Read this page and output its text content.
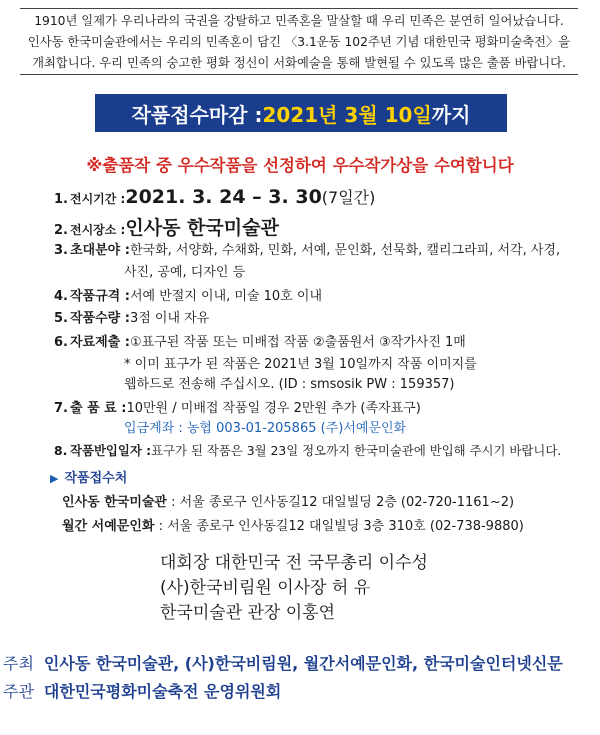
1910년 일제가 우리나라의 국권을 강탈하고 민족혼을 말살할 때 우리 민족은 분연히 일어났습니다.
인사동 한국미술관에서는 우리의 민족혼이 담긴 〈3.1운동 102주년 기념 대한민국 평화미술축전〉을
개최합니다. 우리 민족의 숭고한 평화 정신이 서화예술을 통해 발현될 수 있도록 많은 출품 바랍니다.
작품접수마감 : 2021년 3월 10일 까지
※출품작 중 우수작품을 선정하여 우수작가상을 수여합니다
1. 전시기간 : 2021. 3. 24 – 3. 30 (7일간)
2. 전시장소 : 인사동 한국미술관
3. 초대분야 : 한국화, 서양화, 수채화, 민화, 서예, 문인화, 선묵화, 캘리그라피, 서각, 사경,
사진, 공예, 디자인 등
4. 작품규격 : 서예 반절지 이내, 미술 10호 이내
5. 작품수량 : 3점 이내 자유
6. 자료제출 : ①표구된 작품 또는 미배접 작품 ②출품원서 ③작가사진 1매
* 이미 표구가 된 작품은 2021년 3월 10일까지 작품 이미지를
웹하드로 전송해 주십시오. (ID : smsosik PW : 159357)
7. 출 품 료 : 10만원 / 미배접 작품일 경우 2만원 추가 (족자표구)
입금계좌 : 농협 003-01-205865 (주)서예문인화
8. 작품반입일자 : 표구가 된 작품은 3월 23일 정오까지 한국미술관에 반입해 주시기 바랍니다.
▶ 작품접수처
인사동 한국미술관 : 서울 종로구 인사동길12 대일빌딩 2층 (02-720-1161~2)
월간 서예문인화 : 서울 종로구 인사동길12 대일빌딩 3층 310호 (02-738-9880)
대회장 대한민국 전 국무총리 이수성
(사)한국비림원 이사장 허 유
한국미술관 관장 이홍연
주최 인사동 한국미술관, (사)한국비림원, 월간서예문인화, 한국미술인터넷신문
주관 대한민국평화미술축전 운영위원회
